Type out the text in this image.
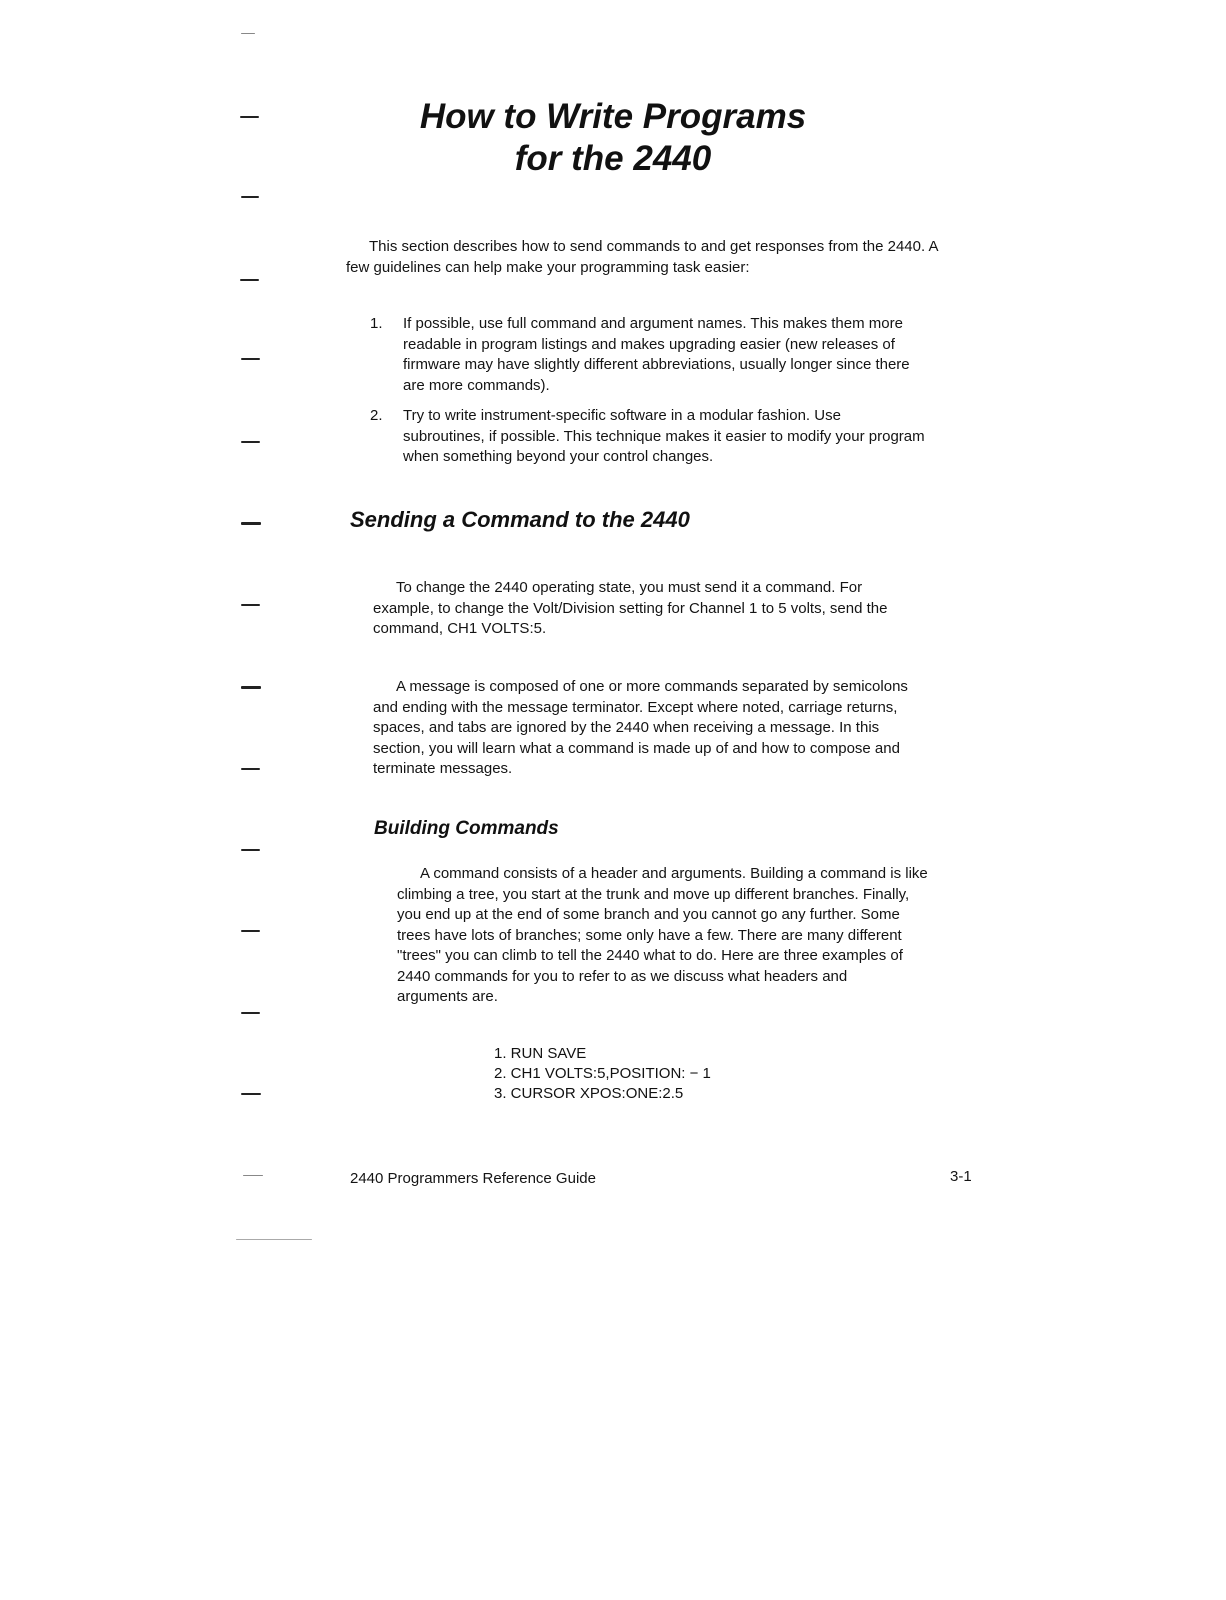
How to Write Programs
for the 2440

This section describes how to send commands to and get responses from the 2440. A few guidelines can help make your programming task easier:

1. If possible, use full command and argument names. This makes them more
readable in program listings and makes upgrading easier (new releases of
firmware may have slightly different abbreviations, usually longer since there
are more commands).
2. Try to write instrument-specific software in a modular fashion. Use
subroutines, if possible. This technique makes it easier to modify your program
when something beyond your control changes.
Sending a Command to the 2440
To change the 2440 operating state, you must send it a command. For
example, to change the Volt/Division setting for Channel 1 to 5 volts, send the
command, CH1 VOLTS:5.
A message is composed of one or more commands separated by semicolons
and ending with the message terminator. Except where noted, carriage returns,
spaces, and tabs are ignored by the 2440 when receiving a message. In this
section, you will learn what a command is made up of and how to compose and
terminate messages.
Building Commands
A command consists of a header and arguments. Building a command is like
climbing a tree, you start at the trunk and move up different branches. Finally,
you end up at the end of some branch and you cannot go any further. Some
trees have lots of branches; some only have a few. There are many different
"trees" you can climb to tell the 2440 what to do. Here are three examples of
2440 commands for you to refer to as we discuss what headers and
arguments are.
1. RUN SAVE
2. CH1 VOLTS:5,POSITION: − 1
3. CURSOR XPOS:ONE:2.5
2440 Programmers Reference Guide	3-1
